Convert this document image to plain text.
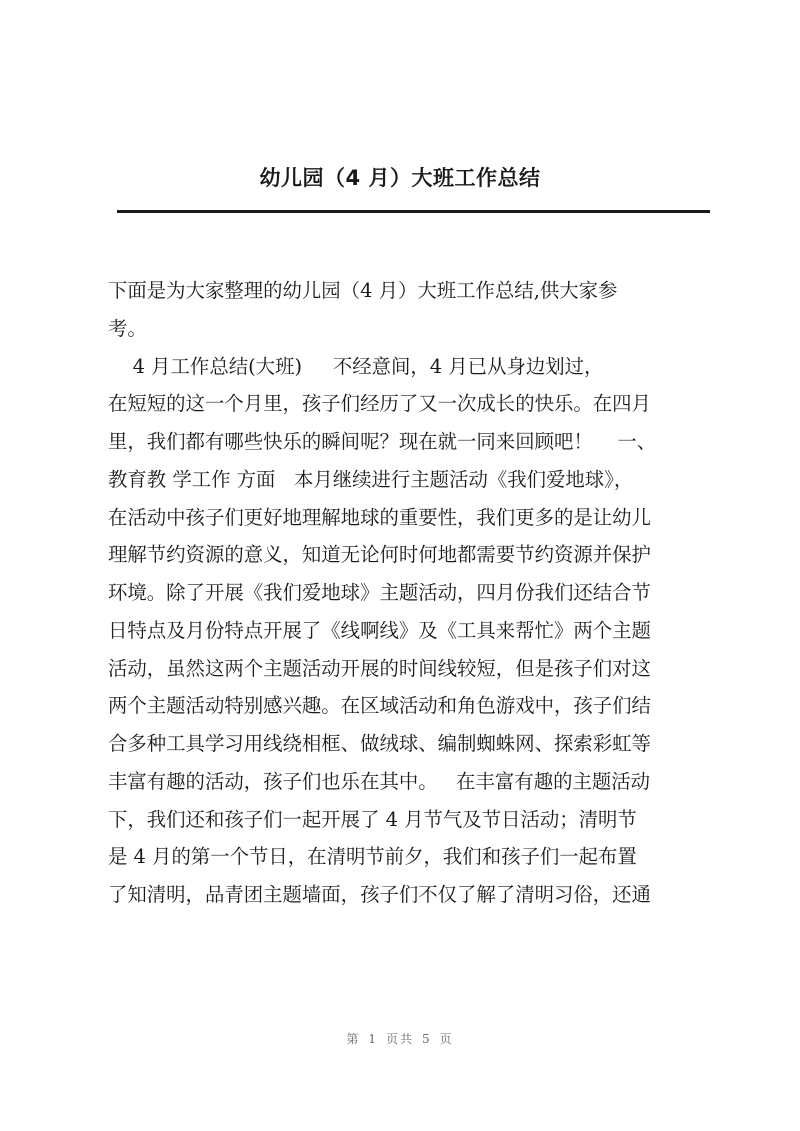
幼儿园（4 月）大班工作总结
下面是为大家整理的幼儿园（4 月）大班工作总结,供大家参
考。
4 月工作总结(大班)     不经意间，4 月已从身边划过，
在短短的这一个月里，孩子们经历了又一次成长的快乐。在四月
里，我们都有哪些快乐的瞬间呢？现在就一同来回顾吧！    一、
教育教 学工作 方面   本月继续进行主题活动《我们爱地球》，
在活动中孩子们更好地理解地球的重要性，我们更多的是让幼儿
理解节约资源的意义，知道无论何时何地都需要节约资源并保护
环境。除了开展《我们爱地球》主题活动，四月份我们还结合节
日特点及月份特点开展了《线啊线》及《工具来帮忙》两个主题
活动，虽然这两个主题活动开展的时间线较短，但是孩子们对这
两个主题活动特别感兴趣。在区域活动和角色游戏中，孩子们结
合多种工具学习用线绕相框、做绒球、编制蜘蛛网、探索彩虹等
丰富有趣的活动，孩子们也乐在其中。   在丰富有趣的主题活动
下，我们还和孩子们一起开展了 4 月节气及节日活动；清明节
是 4 月的第一个节日，在清明节前夕，我们和孩子们一起布置
了知清明，品青团主题墙面，孩子们不仅了解了清明习俗，还通
第 1 页共 5 页
